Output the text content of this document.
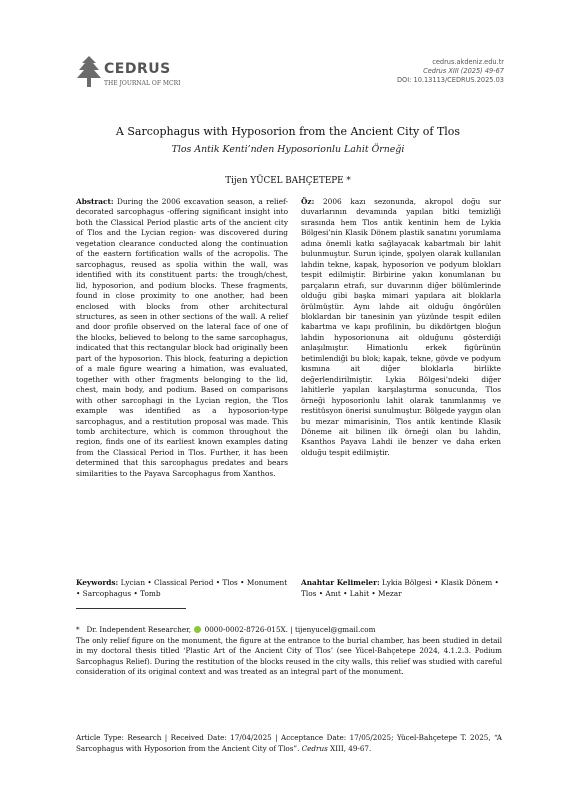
CEDRUS
THE JOURNAL OF MCRI
cedrus.akdeniz.edu.tr
Cedrus XIII (2025) 49-67
DOI: 10.13113/CEDRUS.2025.03
A Sarcophagus with Hyposorion from the Ancient City of Tlos
Tlos Antik Kenti’nden Hyposorionlu Lahit Örneği
Tijen YÜCEL BAHÇETEPE *
Abstract: During the 2006 excavation season, a relief-decorated sarcophagus -offering significant insight into both the Classical Period plastic arts of the ancient city of Tlos and the Lycian region- was discovered during vegetation clearance conducted along the continuation of the eastern fortification walls of the acropolis. The sarcophagus, reused as spolia within the wall, was identified with its constituent parts: the trough/chest, lid, hyposorion, and podium blocks. These fragments, found in close proximity to one another, had been enclosed with blocks from other architectural structures, as seen in other sections of the wall. A relief and door profile observed on the lateral face of one of the blocks, believed to belong to the same sarcophagus, indicated that this rectangular block had originally been part of the hyposorion. This block, featuring a depiction of a male figure wearing a himation, was evaluated, together with other fragments belonging to the lid, chest, main body, and podium. Based on comparisons with other sarcophagi in the Lycian region, the Tlos example was identified as a hyposorion-type sarcophagus, and a restitution proposal was made. This tomb architecture, which is common throughout the region, finds one of its earliest known examples dating from the Classical Period in Tlos. Further, it has been determined that this sarcophagus predates and bears similarities to the Payava Sarcophagus from Xanthos.
Öz: 2006 kazı sezonunda, akropol doğu sur duvarlarının devamında yapılan bitki temizliği sırasında hem Tlos antik kentinin hem de Lykia Bölgesi’nin Klasik Dönem plastik sanatını yorumlama adına önemli katkı sağlayacak kabartmalı bir lahit bulunmuştur. Surun içinde, şpolyen olarak kullanılan lahdin tekne, kapak, hyposorion ve podyum blokları tespit edilmiştir. Birbirine yakın konumlanan bu parçaların etrafı, sur duvarının diğer bölümlerinde olduğu gibi başka mimari yapılara ait bloklarla örülmüştür. Aynı lahde ait olduğu öngörülen bloklardan bir tanesinin yan yüzünde tespit edilen kabartma ve kapı profilinin, bu dikdörtgen bloğun lahdin hyposorionuna ait olduğunu gösterdiği anlaşılmıştır. Himationlu erkek figürünün betimlendiği bu blok; kapak, tekne, gövde ve podyum kısmına ait diğer bloklarla birlikte değerlendirilmiştir. Lykia Bölgesi’ndeki diğer lahitlerle yapılan karşılaştırma sonucunda, Tlos örneği hyposorionlu lahit olarak tanımlanmış ve restitüsyon önerisi sunulmuştur. Bölgede yaygın olan bu mezar mimarisinin, Tlos antik kentinde Klasik Döneme ait bilinen ilk örneği olan bu lahdin, Ksanthos Payava Lahdi ile benzer ve daha erken olduğu tespit edilmiştir.
Keywords: Lycian • Classical Period • Tlos • Monument • Sarcophagus • Tomb
Anahtar Kelimeler: Lykia Bölgesi • Klasik Dönem • Tlos • Anıt • Lahit • Mezar
* Dr. Independent Researcher, 0000-0002-8726-015X. | tijenyucel@gmail.com
The only relief figure on the monument, the figure at the entrance to the burial chamber, has been studied in detail in my doctoral thesis titled ‘Plastic Art of the Ancient City of Tlos’ (see Yücel-Bahçetepe 2024, 4.1.2.3. Podium Sarcophagus Relief). During the restitution of the blocks reused in the city walls, this relief was studied with careful consideration of its original context and was treated as an integral part of the monument.
Article Type: Research | Received Date: 17/04/2025 | Acceptance Date: 17/05/2025; Yücel-Bahçetepe T. 2025, “A Sarcophagus with Hyposorion from the Ancient City of Tlos”. Cedrus XIII, 49-67.
